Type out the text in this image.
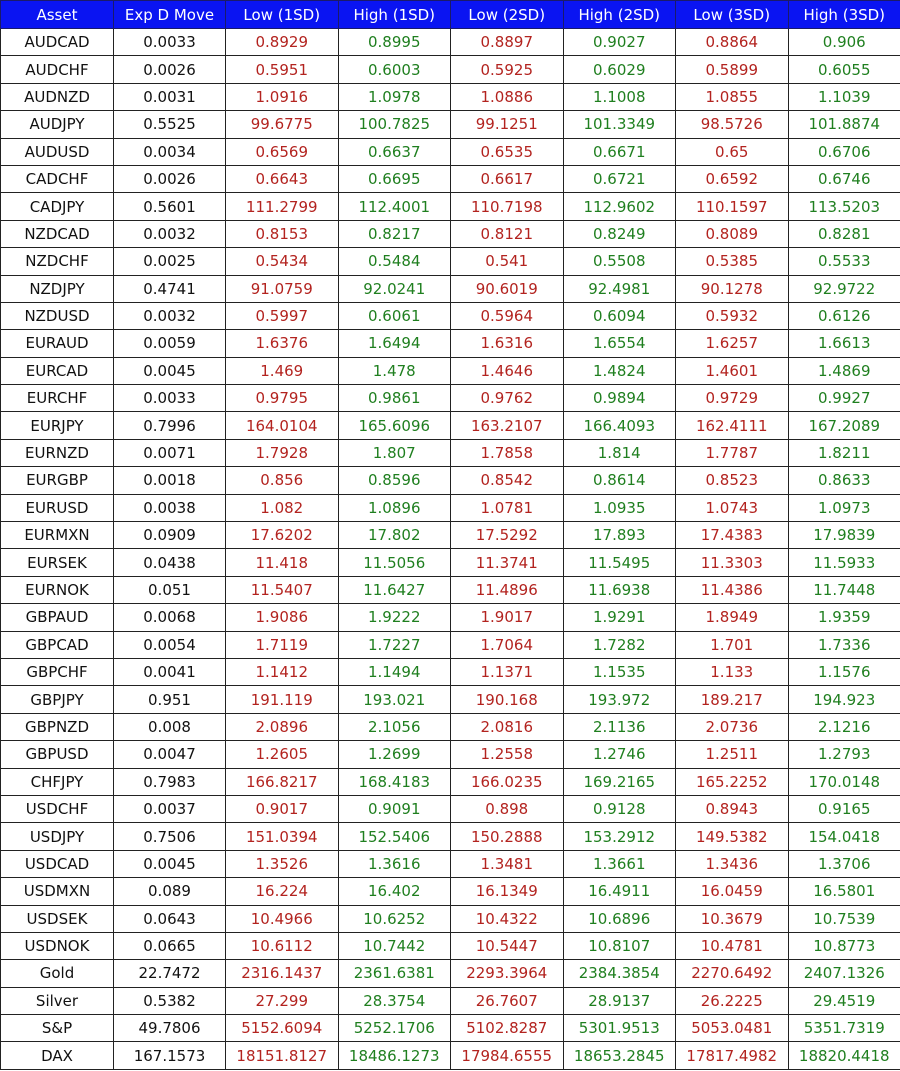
Asset	Exp D Move	Low (1SD)	High (1SD)	Low (2SD)	High (2SD)	Low (3SD)	High (3SD)
AUDCAD	0.0033	0.8929	0.8995	0.8897	0.9027	0.8864	0.906
AUDCHF	0.0026	0.5951	0.6003	0.5925	0.6029	0.5899	0.6055
AUDNZD	0.0031	1.0916	1.0978	1.0886	1.1008	1.0855	1.1039
AUDJPY	0.5525	99.6775	100.7825	99.1251	101.3349	98.5726	101.8874
AUDUSD	0.0034	0.6569	0.6637	0.6535	0.6671	0.65	0.6706
CADCHF	0.0026	0.6643	0.6695	0.6617	0.6721	0.6592	0.6746
CADJPY	0.5601	111.2799	112.4001	110.7198	112.9602	110.1597	113.5203
NZDCAD	0.0032	0.8153	0.8217	0.8121	0.8249	0.8089	0.8281
NZDCHF	0.0025	0.5434	0.5484	0.541	0.5508	0.5385	0.5533
NZDJPY	0.4741	91.0759	92.0241	90.6019	92.4981	90.1278	92.9722
NZDUSD	0.0032	0.5997	0.6061	0.5964	0.6094	0.5932	0.6126
EURAUD	0.0059	1.6376	1.6494	1.6316	1.6554	1.6257	1.6613
EURCAD	0.0045	1.469	1.478	1.4646	1.4824	1.4601	1.4869
EURCHF	0.0033	0.9795	0.9861	0.9762	0.9894	0.9729	0.9927
EURJPY	0.7996	164.0104	165.6096	163.2107	166.4093	162.4111	167.2089
EURNZD	0.0071	1.7928	1.807	1.7858	1.814	1.7787	1.8211
EURGBP	0.0018	0.856	0.8596	0.8542	0.8614	0.8523	0.8633
EURUSD	0.0038	1.082	1.0896	1.0781	1.0935	1.0743	1.0973
EURMXN	0.0909	17.6202	17.802	17.5292	17.893	17.4383	17.9839
EURSEK	0.0438	11.418	11.5056	11.3741	11.5495	11.3303	11.5933
EURNOK	0.051	11.5407	11.6427	11.4896	11.6938	11.4386	11.7448
GBPAUD	0.0068	1.9086	1.9222	1.9017	1.9291	1.8949	1.9359
GBPCAD	0.0054	1.7119	1.7227	1.7064	1.7282	1.701	1.7336
GBPCHF	0.0041	1.1412	1.1494	1.1371	1.1535	1.133	1.1576
GBPJPY	0.951	191.119	193.021	190.168	193.972	189.217	194.923
GBPNZD	0.008	2.0896	2.1056	2.0816	2.1136	2.0736	2.1216
GBPUSD	0.0047	1.2605	1.2699	1.2558	1.2746	1.2511	1.2793
CHFJPY	0.7983	166.8217	168.4183	166.0235	169.2165	165.2252	170.0148
USDCHF	0.0037	0.9017	0.9091	0.898	0.9128	0.8943	0.9165
USDJPY	0.7506	151.0394	152.5406	150.2888	153.2912	149.5382	154.0418
USDCAD	0.0045	1.3526	1.3616	1.3481	1.3661	1.3436	1.3706
USDMXN	0.089	16.224	16.402	16.1349	16.4911	16.0459	16.5801
USDSEK	0.0643	10.4966	10.6252	10.4322	10.6896	10.3679	10.7539
USDNOK	0.0665	10.6112	10.7442	10.5447	10.8107	10.4781	10.8773
Gold	22.7472	2316.1437	2361.6381	2293.3964	2384.3854	2270.6492	2407.1326
Silver	0.5382	27.299	28.3754	26.7607	28.9137	26.2225	29.4519
S&P	49.7806	5152.6094	5252.1706	5102.8287	5301.9513	5053.0481	5351.7319
DAX	167.1573	18151.8127	18486.1273	17984.6555	18653.2845	17817.4982	18820.4418
